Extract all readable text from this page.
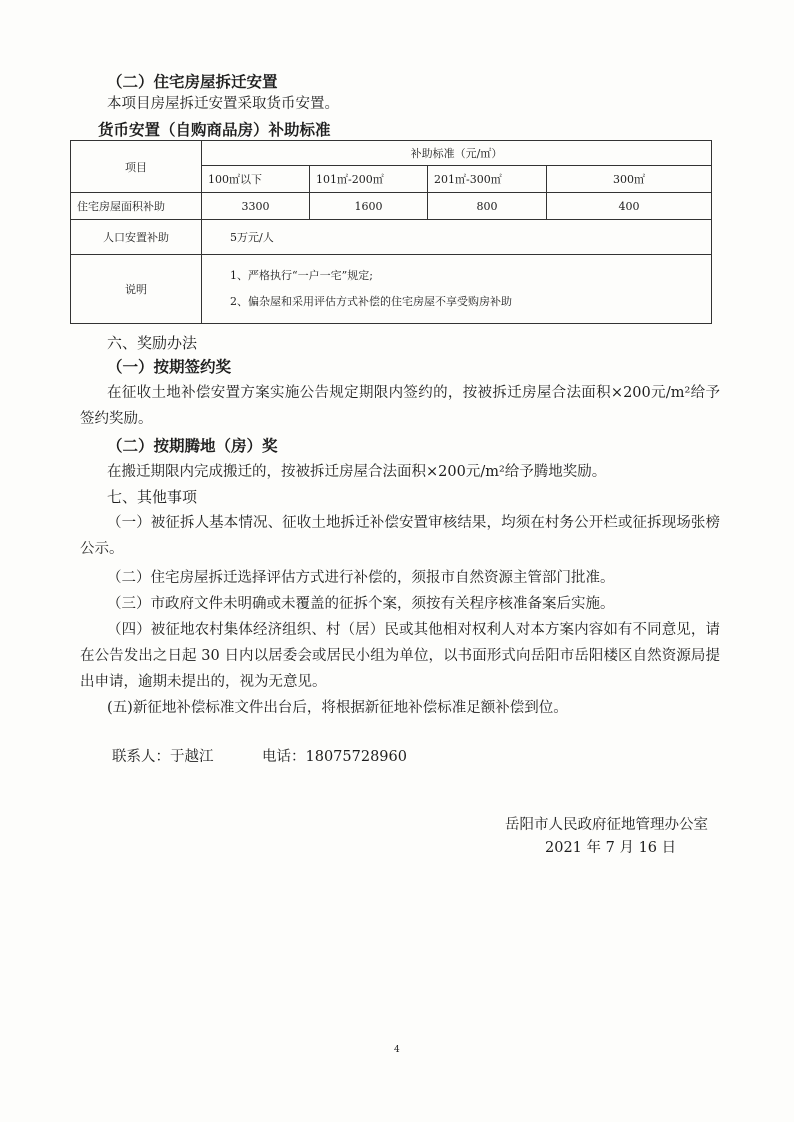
（二）住宅房屋拆迁安置
本项目房屋拆迁安置采取货币安置。
货币安置（自购商品房）补助标准
项目	补助标准（元/㎡）			
	100㎡以下	101㎡-200㎡	201㎡-300㎡	300㎡
住宅房屋面积补助	3300	1600	800	400
人口安置补助	5万元/人			
说明	1、严格执行“一户一宅”规定;
2、偏杂屋和采用评估方式补偿的住宅房屋不享受购房补助			
六、奖励办法
（一）按期签约奖
在征收土地补偿安置方案实施公告规定期限内签约的，按被拆迁房屋合法面积×200元/m²给予签约奖励。
（二）按期腾地（房）奖
在搬迁期限内完成搬迁的，按被拆迁房屋合法面积×200元/m²给予腾地奖励。
七、其他事项
（一）被征拆人基本情况、征收土地拆迁补偿安置审核结果，均须在村务公开栏或征拆现场张榜公示。
（二）住宅房屋拆迁选择评估方式进行补偿的，须报市自然资源主管部门批准。
（三）市政府文件未明确或未覆盖的征拆个案，须按有关程序核准备案后实施。
（四）被征地农村集体经济组织、村（居）民或其他相对权利人对本方案内容如有不同意见，请在公告发出之日起 30 日内以居委会或居民小组为单位，以书面形式向岳阳市岳阳楼区自然资源局提出申请，逾期未提出的，视为无意见。
(五)新征地补偿标准文件出台后，将根据新征地补偿标准足额补偿到位。
联系人：于越江	电话：18075728960
岳阳市人民政府征地管理办公室
2021 年 7 月 16 日
4
